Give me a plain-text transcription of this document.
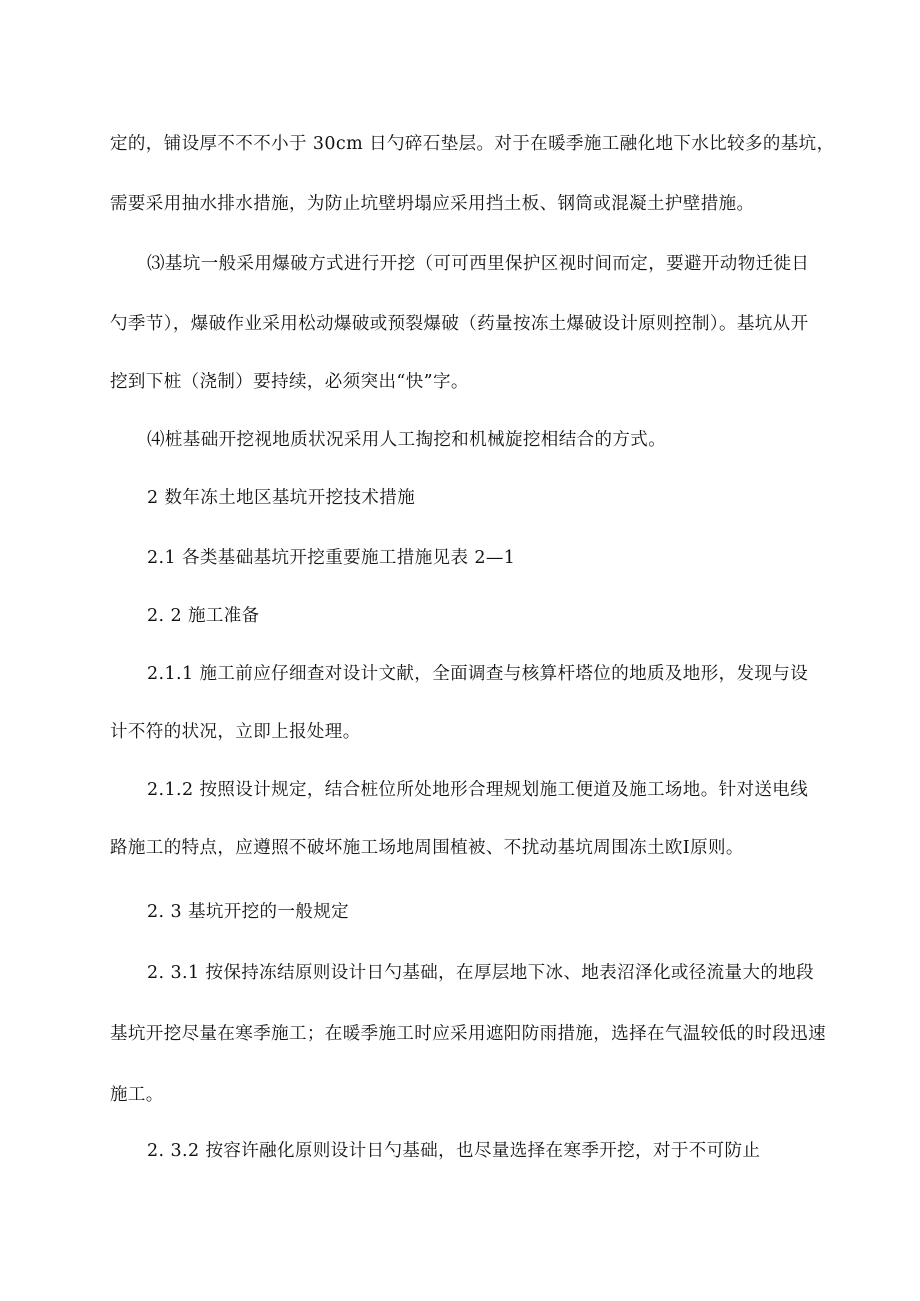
定的，铺设厚不不不小于 30cm 日勺碎石垫层。对于在暖季施工融化地下水比较多的基坑，
需要采用抽水排水措施，为防止坑壁坍塌应采用挡土板、钢筒或混凝土护壁措施。
⑶基坑一般采用爆破方式进行开挖（可可西里保护区视时间而定，要避开动物迁徙日
勺季节），爆破作业采用松动爆破或预裂爆破（药量按冻土爆破设计原则控制）。基坑从开
挖到下桩（浇制）要持续，必须突出“快”字。
⑷桩基础开挖视地质状况采用人工掏挖和机械旋挖相结合的方式。
2 数年冻土地区基坑开挖技术措施
2.1 各类基础基坑开挖重要施工措施见表 2—1
2. 2 施工准备
2.1.1 施工前应仔细查对设计文献，全面调查与核算杆塔位的地质及地形，发现与设
计不符的状况，立即上报处理。
2.1.2 按照设计规定，结合桩位所处地形合理规划施工便道及施工场地。针对送电线
路施工的特点，应遵照不破坏施工场地周围植被、不扰动基坑周围冻土欧Ⅰ原则。
2. 3 基坑开挖的一般规定
2. 3.1 按保持冻结原则设计日勺基础，在厚层地下冰、地表沼泽化或径流量大的地段
基坑开挖尽量在寒季施工；在暖季施工时应采用遮阳防雨措施，选择在气温较低的时段迅速
施工。
2. 3.2 按容许融化原则设计日勺基础，也尽量选择在寒季开挖，对于不可防止
